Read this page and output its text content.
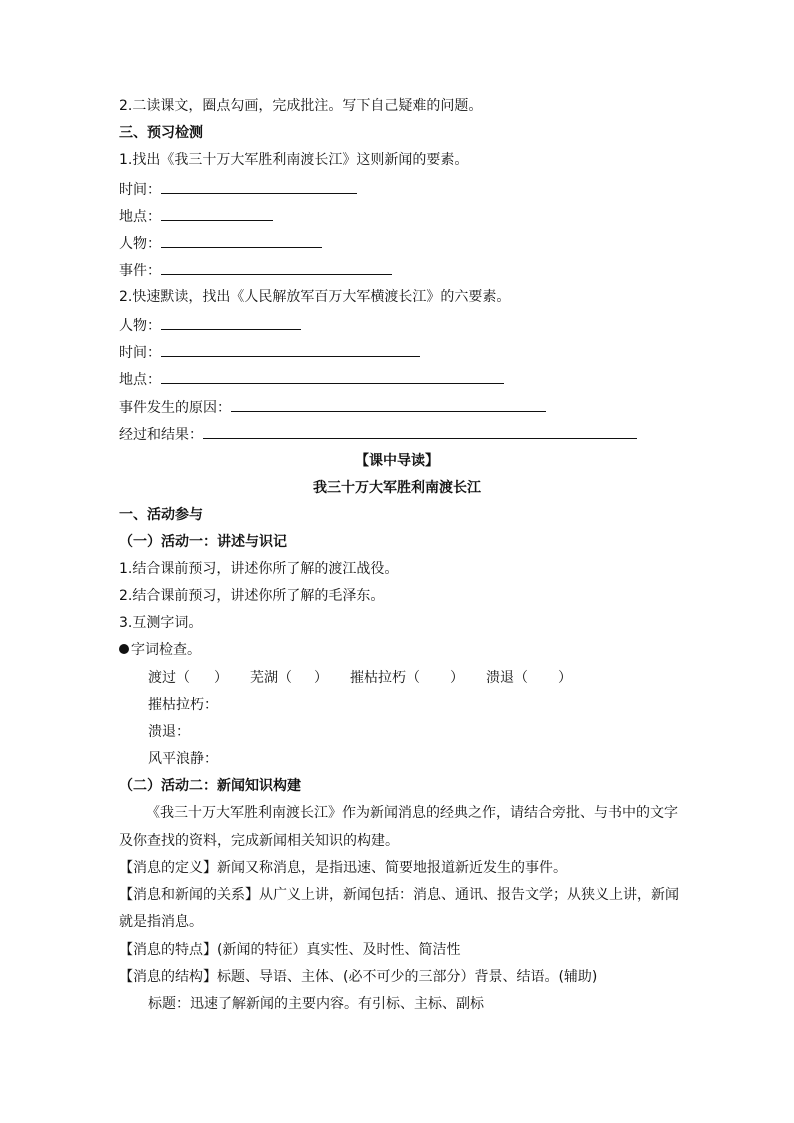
2.二读课文，圈点勾画，完成批注。写下自己疑难的问题。
三、预习检测
1.找出《我三十万大军胜利南渡长江》这则新闻的要素。
时间：
地点：
人物：
事件：
2.快速默读，找出《人民解放军百万大军横渡长江》的六要素。
人物：
时间：
地点：
事件发生的原因：
经过和结果：
【课中导读】
我三十万大军胜利南渡长江
一、活动参与
（一）活动一：讲述与识记
1.结合课前预习，讲述你所了解的渡江战役。
2.结合课前预习，讲述你所了解的毛泽东。
3.互测字词。
字词检查。
渡过（ ） 芜湖（ ） 摧枯拉朽（ ） 溃退（ ）
摧枯拉朽：
溃退：
风平浪静：
（二）活动二：新闻知识构建
《我三十万大军胜利南渡长江》作为新闻消息的经典之作，请结合旁批、与书中的文字
及你查找的资料，完成新闻相关知识的构建。
【消息的定义】新闻又称消息，是指迅速、简要地报道新近发生的事件。
【消息和新闻的关系】从广义上讲，新闻包括：消息、通讯、报告文学；从狭义上讲，新闻
就是指消息。
【消息的特点】(新闻的特征）真实性、及时性、简洁性
【消息的结构】标题、导语、主体、(必不可少的三部分）背景、结语。(辅助)
标题：迅速了解新闻的主要内容。有引标、主标、副标
